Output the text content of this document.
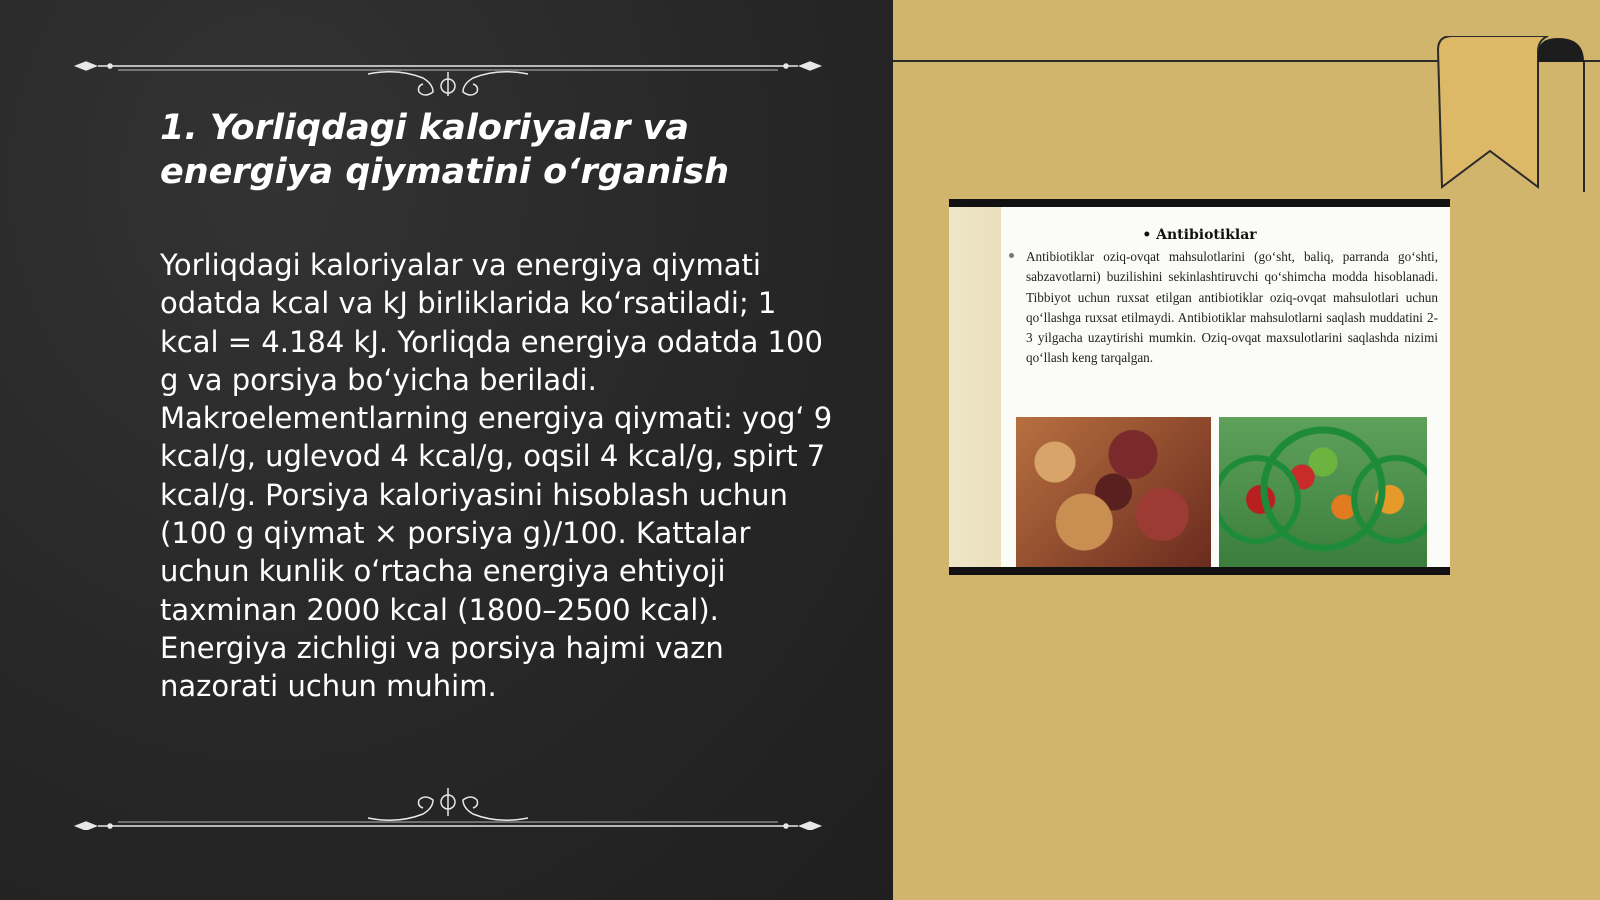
1. Yorliqdagi kaloriyalar va energiya qiymatini o‘rganish
Yorliqdagi kaloriyalar va energiya qiymati odatda kcal va kJ birliklarida ko‘rsatiladi; 1 kcal = 4.184 kJ. Yorliqda energiya odatda 100 g va porsiya bo‘yicha beriladi. Makroelementlarning energiya qiymati: yog‘ 9 kcal/g, uglevod 4 kcal/g, oqsil 4 kcal/g, spirt 7 kcal/g. Porsiya kaloriyasini hisoblash uchun (100 g qiymat × porsiya g)/100. Kattalar uchun kunlik o‘rtacha energiya ehtiyoji taxminan 2000 kcal (1800–2500 kcal). Energiya zichligi va porsiya hajmi vazn nazorati uchun muhim.
• Antibiotiklar
Antibiotiklar oziq-ovqat mahsulotlarini (go‘sht, baliq, parranda go‘shti, sabzavotlarni) buzilishini sekinlashtiruvchi qo‘shimcha modda hisoblanadi. Tibbiyot uchun ruxsat etilgan antibiotiklar oziq-ovqat mahsulotlari uchun qo‘llashga ruxsat etilmaydi. Antibiotiklar mahsulotlarni saqlash muddatini 2-3 yilgacha uzaytirishi mumkin. Oziq-ovqat maxsulotlarini saqlashda nizimi qo‘llash keng tarqalgan.
